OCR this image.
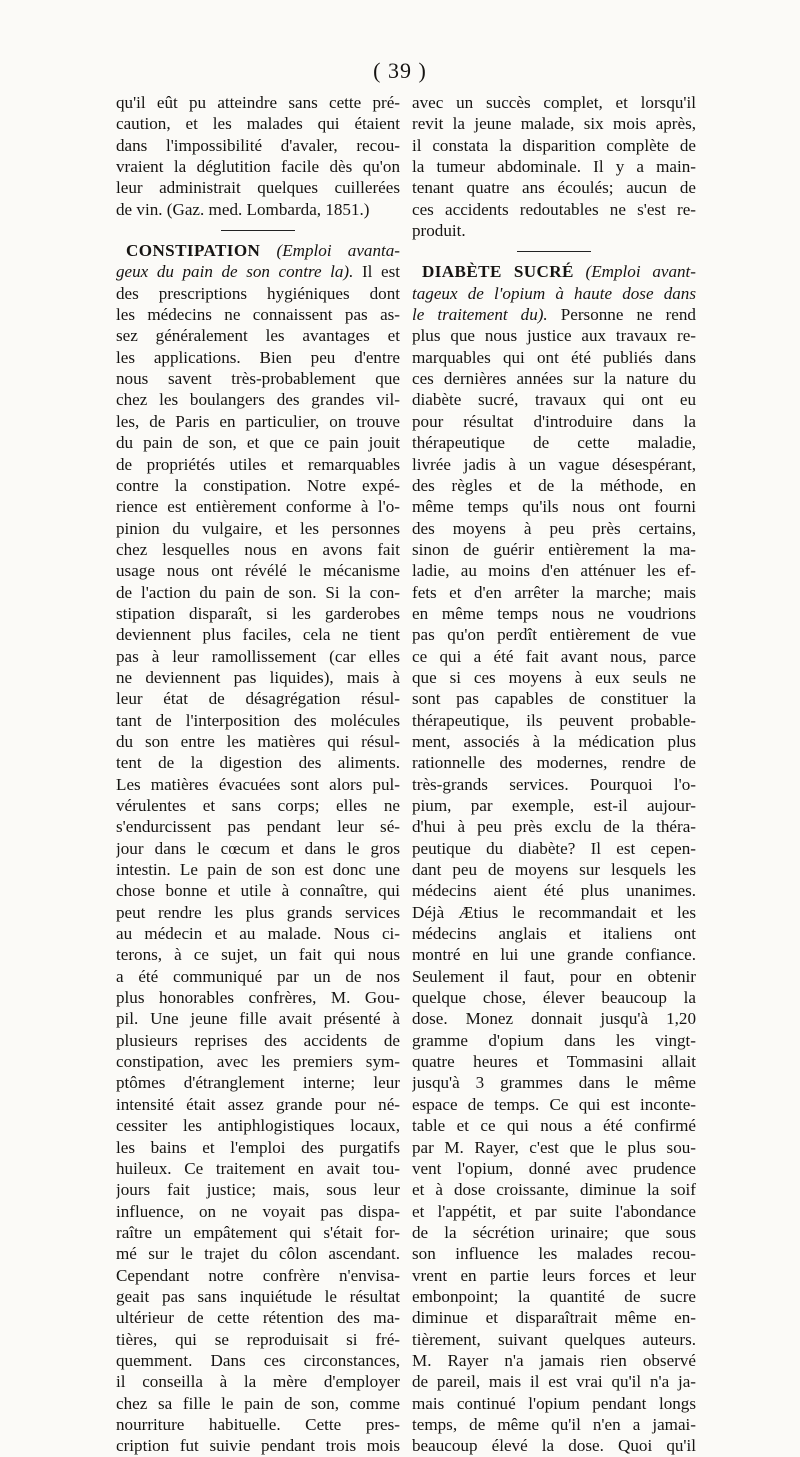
( 39 )
qu'il eût pu atteindre sans cette pré-
caution, et les malades qui étaient
dans l'impossibilité d'avaler, recou-
vraient la déglutition facile dès qu'on
leur administrait quelques cuillerées
de vin. (Gaz. med. Lombarda, 1851.)
CONSTIPATION (Emploi avanta-
geux du pain de son contre la). Il est
des prescriptions hygiéniques dont
les médecins ne connaissent pas as-
sez généralement les avantages et
les applications. Bien peu d'entre
nous savent très-probablement que
chez les boulangers des grandes vil-
les, de Paris en particulier, on trouve
du pain de son, et que ce pain jouit
de propriétés utiles et remarquables
contre la constipation. Notre expé-
rience est entièrement conforme à l'o-
pinion du vulgaire, et les personnes
chez lesquelles nous en avons fait
usage nous ont révélé le mécanisme
de l'action du pain de son. Si la con-
stipation disparaît, si les garderobes
deviennent plus faciles, cela ne tient
pas à leur ramollissement (car elles
ne deviennent pas liquides), mais à
leur état de désagrégation résul-
tant de l'interposition des molécules
du son entre les matières qui résul-
tent de la digestion des aliments.
Les matières évacuées sont alors pul-
vérulentes et sans corps; elles ne
s'endurcissent pas pendant leur sé-
jour dans le cœcum et dans le gros
intestin. Le pain de son est donc une
chose bonne et utile à connaître, qui
peut rendre les plus grands services
au médecin et au malade. Nous ci-
terons, à ce sujet, un fait qui nous
a été communiqué par un de nos
plus honorables confrères, M. Gou-
pil. Une jeune fille avait présenté à
plusieurs reprises des accidents de
constipation, avec les premiers sym-
ptômes d'étranglement interne; leur
intensité était assez grande pour né-
cessiter les antiphlogistiques locaux,
les bains et l'emploi des purgatifs
huileux. Ce traitement en avait tou-
jours fait justice; mais, sous leur
influence, on ne voyait pas dispa-
raître un empâtement qui s'était for-
mé sur le trajet du côlon ascendant.
Cependant notre confrère n'envisa-
geait pas sans inquiétude le résultat
ultérieur de cette rétention des ma-
tières, qui se reproduisait si fré-
quemment. Dans ces circonstances,
il conseilla à la mère d'employer
chez sa fille le pain de son, comme
nourriture habituelle. Cette pres-
cription fut suivie pendant trois mois
avec un succès complet, et lorsqu'il
revit la jeune malade, six mois après,
il constata la disparition complète de
la tumeur abdominale. Il y a main-
tenant quatre ans écoulés; aucun de
ces accidents redoutables ne s'est re-
produit.
DIABÈTE SUCRÉ (Emploi avant-
tageux de l'opium à haute dose dans
le traitement du). Personne ne rend
plus que nous justice aux travaux re-
marquables qui ont été publiés dans
ces dernières années sur la nature du
diabète sucré, travaux qui ont eu
pour résultat d'introduire dans la
thérapeutique de cette maladie,
livrée jadis à un vague désespérant,
des règles et de la méthode, en
même temps qu'ils nous ont fourni
des moyens à peu près certains,
sinon de guérir entièrement la ma-
ladie, au moins d'en atténuer les ef-
fets et d'en arrêter la marche; mais
en même temps nous ne voudrions
pas qu'on perdît entièrement de vue
ce qui a été fait avant nous, parce
que si ces moyens à eux seuls ne
sont pas capables de constituer la
thérapeutique, ils peuvent probable-
ment, associés à la médication plus
rationnelle des modernes, rendre de
très-grands services. Pourquoi l'o-
pium, par exemple, est-il aujour-
d'hui à peu près exclu de la théra-
peutique du diabète? Il est cepen-
dant peu de moyens sur lesquels les
médecins aient été plus unanimes.
Déjà Ætius le recommandait et les
médecins anglais et italiens ont
montré en lui une grande confiance.
Seulement il faut, pour en obtenir
quelque chose, élever beaucoup la
dose. Monez donnait jusqu'à 1,20
gramme d'opium dans les vingt-
quatre heures et Tommasini allait
jusqu'à 3 grammes dans le même
espace de temps. Ce qui est inconte-
table et ce qui nous a été confirmé
par M. Rayer, c'est que le plus sou-
vent l'opium, donné avec prudence
et à dose croissante, diminue la soif
et l'appétit, et par suite l'abondance
de la sécrétion urinaire; que sous
son influence les malades recou-
vrent en partie leurs forces et leur
embonpoint; la quantité de sucre
diminue et disparaîtrait même en-
tièrement, suivant quelques auteurs.
M. Rayer n'a jamais rien observé
de pareil, mais il est vrai qu'il n'a ja-
mais continué l'opium pendant longs
temps, de même qu'il n'en a jamai-
beaucoup élevé la dose. Quoi qu'il
